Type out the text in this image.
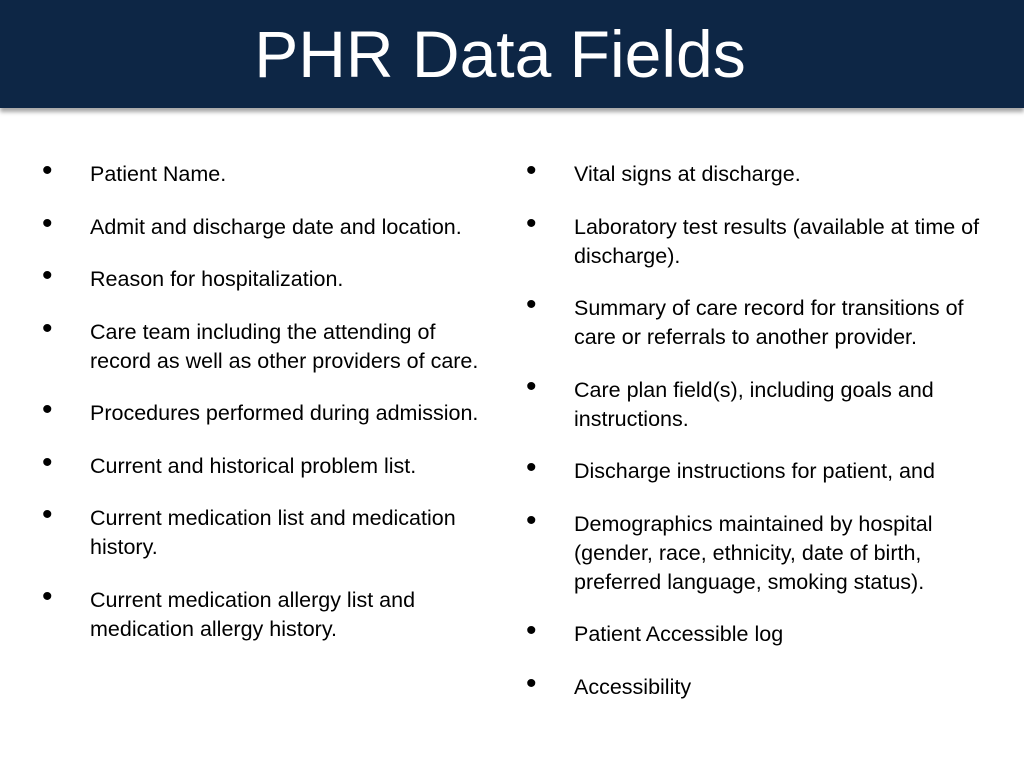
PHR Data Fields
• Patient Name.
• Admit and discharge date and location.
• Reason for hospitalization.
• Care team including the attending of record as well as other providers of care.
• Procedures performed during admission.
• Current and historical problem list.
• Current medication list and medication history.
• Current medication allergy list and medication allergy history.
• Vital signs at discharge.
• Laboratory test results (available at time of discharge).
• Summary of care record for transitions of care or referrals to another provider.
• Care plan field(s), including goals and instructions.
• Discharge instructions for patient, and
• Demographics maintained by hospital (gender, race, ethnicity, date of birth, preferred language, smoking status).
• Patient Accessible log
• Accessibility
